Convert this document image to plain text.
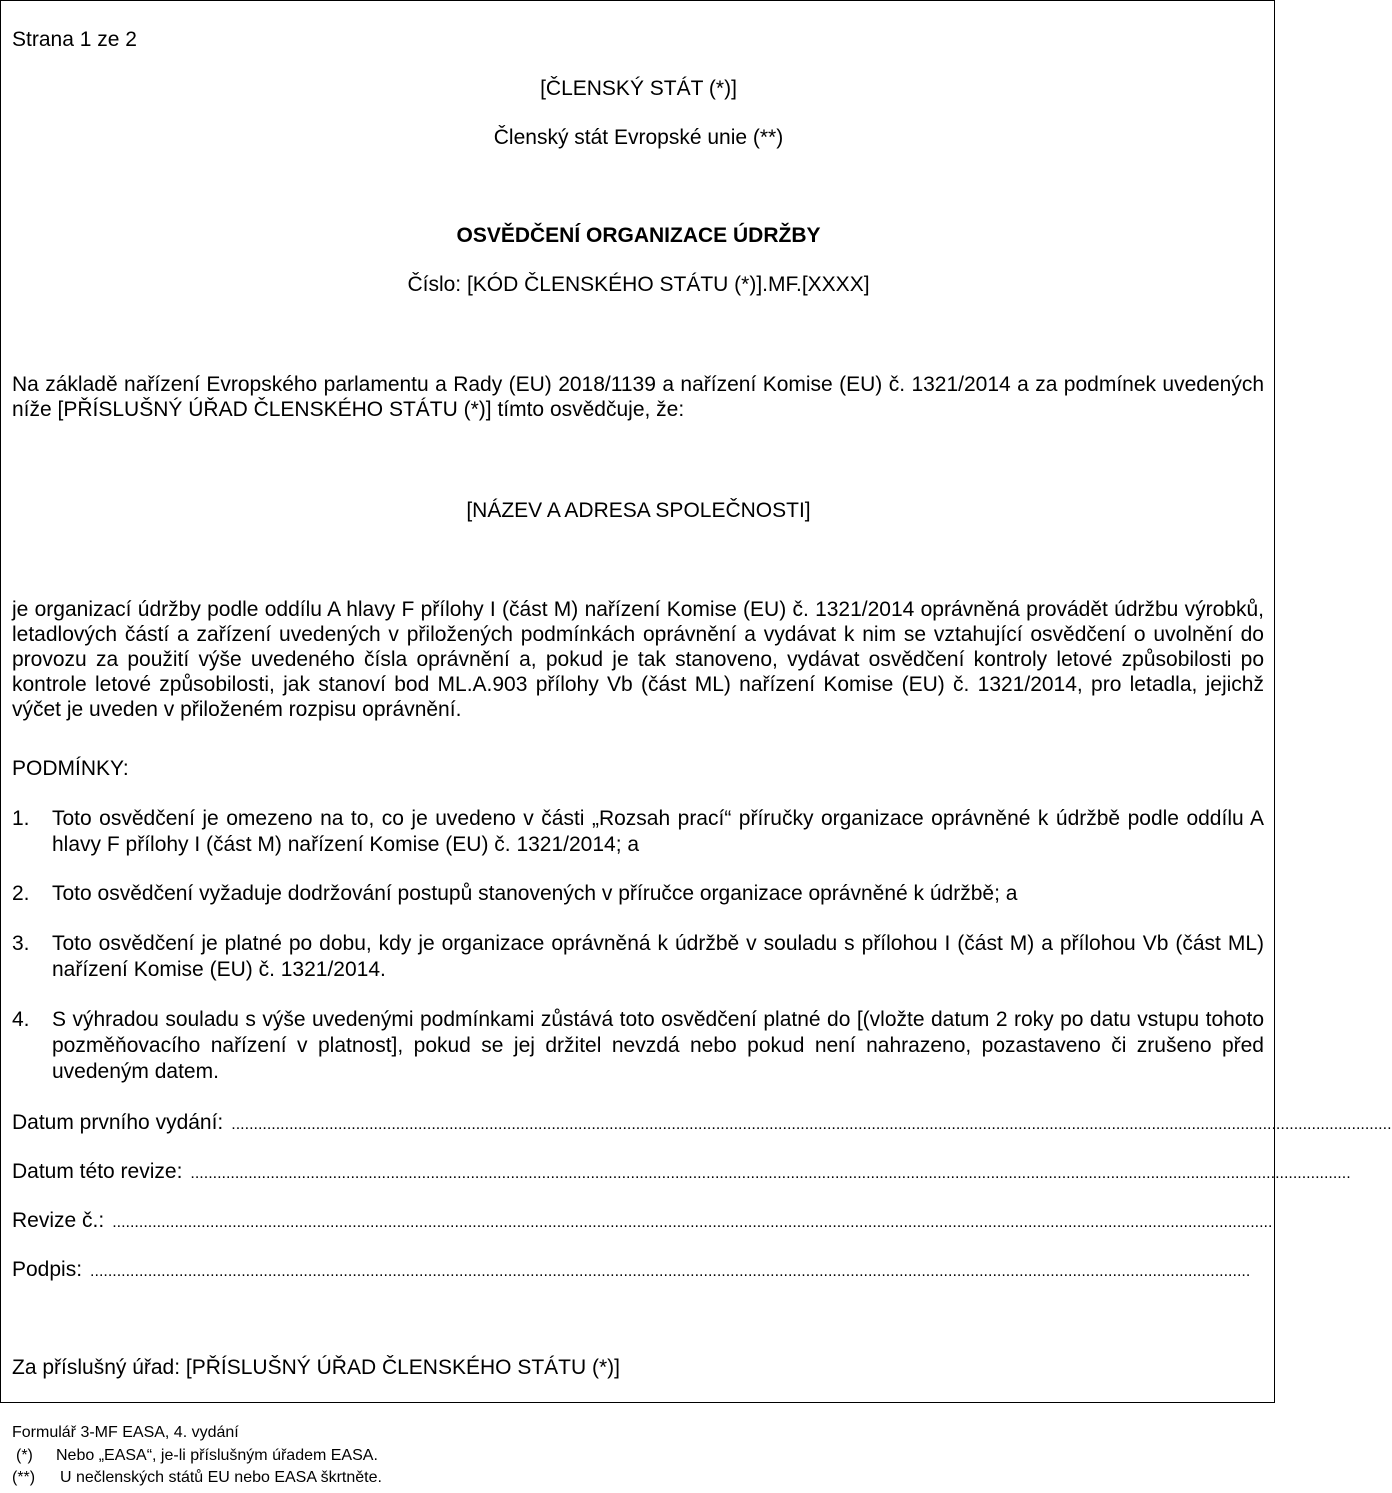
Strana 1 ze 2
[ČLENSKÝ STÁT (*)]
Členský stát Evropské unie (**)
OSVĚDČENÍ ORGANIZACE ÚDRŽBY
Číslo: [KÓD ČLENSKÉHO STÁTU (*)].MF.[XXXX]
Na základě nařízení Evropského parlamentu a Rady (EU) 2018/1139 a nařízení Komise (EU) č. 1321/2014 a za podmínek uvedených níže [PŘÍSLUŠNÝ ÚŘAD ČLENSKÉHO STÁTU (*)] tímto osvědčuje, že:
[NÁZEV A ADRESA SPOLEČNOSTI]
je organizací údržby podle oddílu A hlavy F přílohy I (část M) nařízení Komise (EU) č. 1321/2014 oprávněná provádět údržbu výrobků, letadlových částí a zařízení uvedených v přiložených podmínkách oprávnění a vydávat k nim se vztahující osvědčení o uvolnění do provozu za použití výše uvedeného čísla oprávnění a, pokud je tak stanoveno, vydávat osvědčení kontroly letové způsobilosti po kontrole letové způsobilosti, jak stanoví bod ML.A.903 přílohy Vb (část ML) nařízení Komise (EU) č. 1321/2014, pro letadla, jejichž výčet je uveden v přiloženém rozpisu oprávnění.
PODMÍNKY:
1. Toto osvědčení je omezeno na to, co je uvedeno v části „Rozsah prací“ příručky organizace oprávněné k údržbě podle oddílu A hlavy F přílohy I (část M) nařízení Komise (EU) č. 1321/2014; a
2. Toto osvědčení vyžaduje dodržování postupů stanovených v příručce organizace oprávněné k údržbě; a
3. Toto osvědčení je platné po dobu, kdy je organizace oprávněná k údržbě v souladu s přílohou I (část M) a přílohou Vb (část ML) nařízení Komise (EU) č. 1321/2014.
4. S výhradou souladu s výše uvedenými podmínkami zůstává toto osvědčení platné do [(vložte datum 2 roky po datu vstupu tohoto pozměňovacího nařízení v platnost], pokud se jej držitel nevzdá nebo pokud není nahrazeno, pozastaveno či zrušeno před uvedeným datem.
Datum prvního vydání: .....................................................................................................................................................................................................................................................................
Datum této revize: .....................................................................................................................................................................................................................................................................
Revize č.: .....................................................................................................................................................................................................................................................................
Podpis: .....................................................................................................................................................................................................................................................................
Za příslušný úřad: [PŘÍSLUŠNÝ ÚŘAD ČLENSKÉHO STÁTU (*)]
Formulář 3-MF EASA, 4. vydání
(*) Nebo „EASA“, je-li příslušným úřadem EASA.
(**) U nečlenských států EU nebo EASA škrtněte.
